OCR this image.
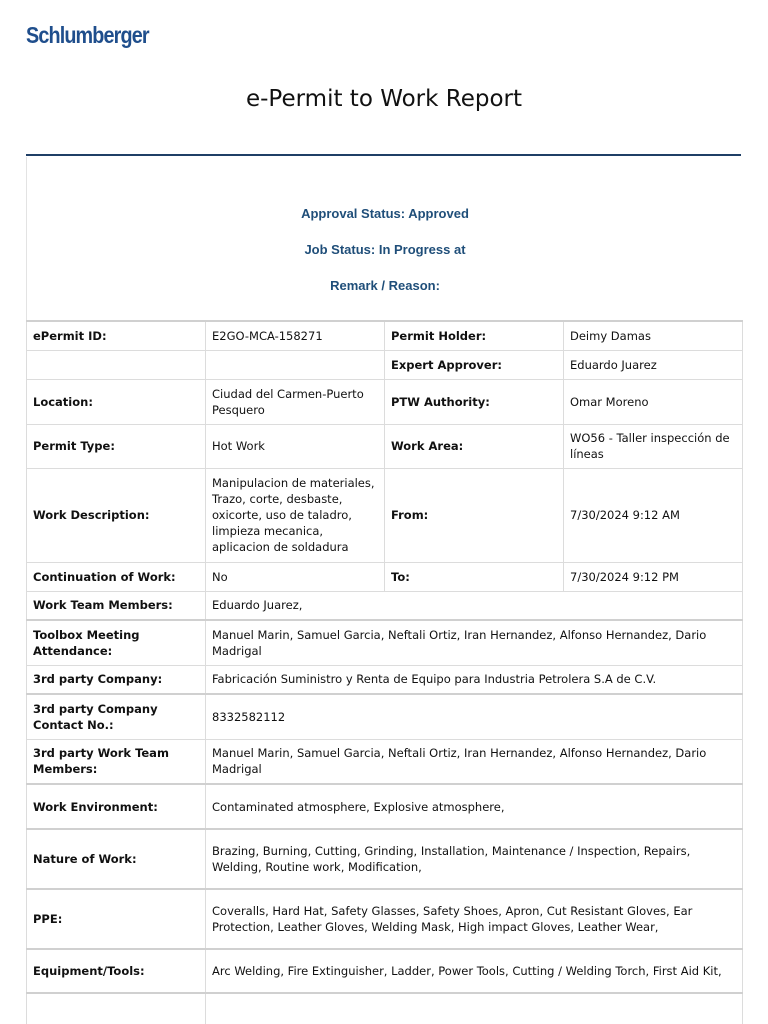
Schlumberger
e-Permit to Work Report
Approval Status: Approved
Job Status: In Progress at
Remark / Reason:
ePermit ID:	E2GO-MCA-158271	Permit Holder:	Deimy Damas
		Expert Approver:	Eduardo Juarez
Location:	Ciudad del Carmen-Puerto Pesquero	PTW Authority:	Omar Moreno
Permit Type:	Hot Work	Work Area:	WO56 - Taller inspección de líneas
Work Description:	Manipulacion de materiales, Trazo, corte, desbaste, oxicorte, uso de taladro, limpieza mecanica, aplicacion de soldadura	From:	7/30/2024 9:12 AM
Continuation of Work:	No	To:	7/30/2024 9:12 PM
Work Team Members:	Eduardo Juarez,		
Toolbox Meeting Attendance:	Manuel Marin, Samuel Garcia, Neftali Ortiz, Iran Hernandez, Alfonso Hernandez, Dario Madrigal		
3rd party Company:	Fabricación Suministro y Renta de Equipo para Industria Petrolera S.A de C.V.		
3rd party Company Contact No.:	8332582112		
3rd party Work Team Members:	Manuel Marin, Samuel Garcia, Neftali Ortiz, Iran Hernandez, Alfonso Hernandez, Dario Madrigal		
Work Environment:	Contaminated atmosphere, Explosive atmosphere,		
Nature of Work:	Brazing, Burning, Cutting, Grinding, Installation, Maintenance / Inspection, Repairs, Welding, Routine work, Modification,		
PPE:	Coveralls, Hard Hat, Safety Glasses, Safety Shoes, Apron, Cut Resistant Gloves, Ear Protection, Leather Gloves, Welding Mask, High impact Gloves, Leather Wear,		
Equipment/Tools:	Arc Welding, Fire Extinguisher, Ladder, Power Tools, Cutting / Welding Torch, First Aid Kit,		
